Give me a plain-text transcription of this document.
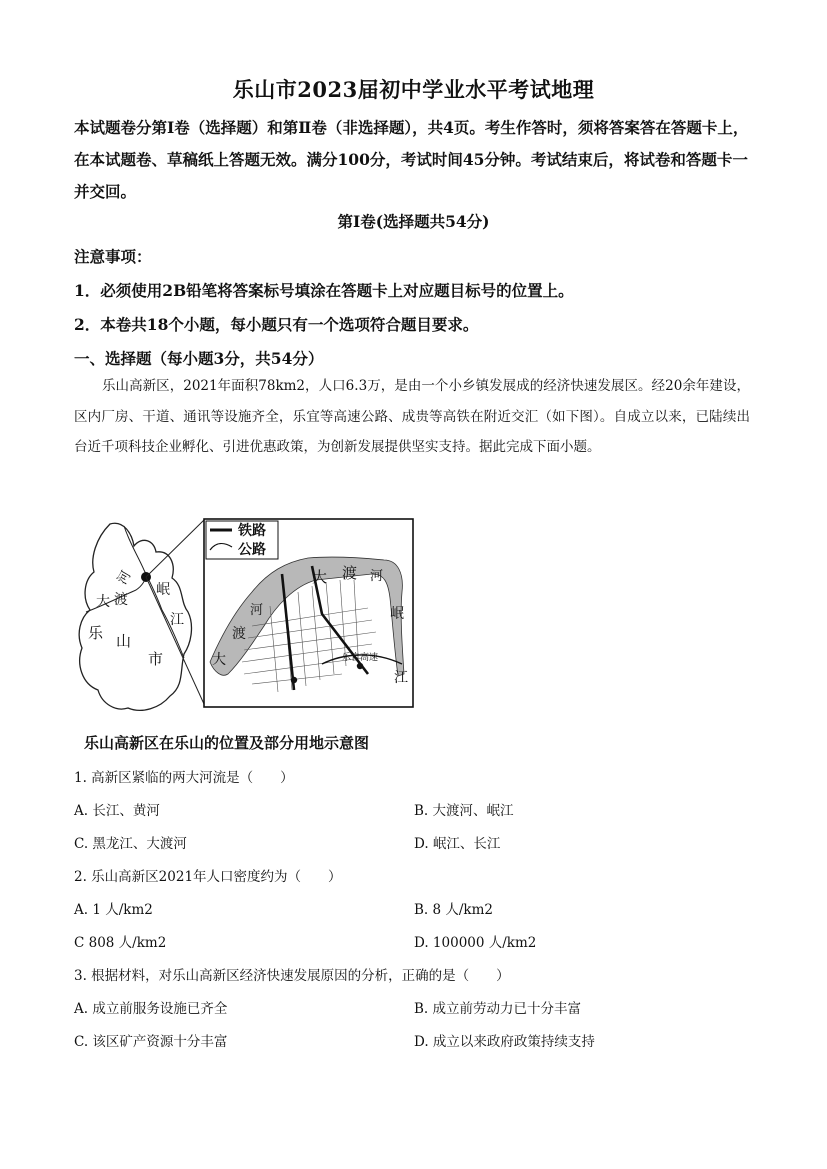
乐山市2023届初中学业水平考试地理

本试题卷分第Ⅰ卷（选择题）和第Ⅱ卷（非选择题），共4页。考生作答时，须将答案答在答题卡上，在本试题卷、草稿纸上答题无效。满分100分，考试时间45分钟。考试结束后，将试卷和答题卡一并交回。

第Ⅰ卷(选择题共54分)
注意事项：
1．必须使用2B铅笔将答案标号填涂在答题卡上对应题目标号的位置上。
2．本卷共18个小题，每小题只有一个选项符合题目要求。
一、选择题（每小题3分，共54分）

乐山高新区，2021年面积78km2，人口6.3万，是由一个小乡镇发展成的经济快速发展区。经20余年建设，区内厂房、干道、通讯等设施齐全，乐宜等高速公路、成贵等高铁在附近交汇（如下图）。自成立以来，已陆续出台近千项科技企业孵化、引进优惠政策，为创新发展提供坚实支持。据此完成下面小题。

大 渡
河
岷
江
乐 山
市
铁路
公路
大 渡 河
大
渡
河	岷
江
乐自高速
乐山高新区在乐山的位置及部分用地示意图
1. 高新区紧临的两大河流是（　　）
A. 长江、黄河	B. 大渡河、岷江
C. 黑龙江、大渡河	D. 岷江、长江
2. 乐山高新区2021年人口密度约为（　　）
A. 1 人/km2	B. 8 人/km2
C 808 人/km2	D. 100000 人/km2
3. 根据材料，对乐山高新区经济快速发展原因的分析，正确的是（　　）
A. 成立前服务设施已齐全	B. 成立前劳动力已十分丰富
C. 该区矿产资源十分丰富	D. 成立以来政府政策持续支持
